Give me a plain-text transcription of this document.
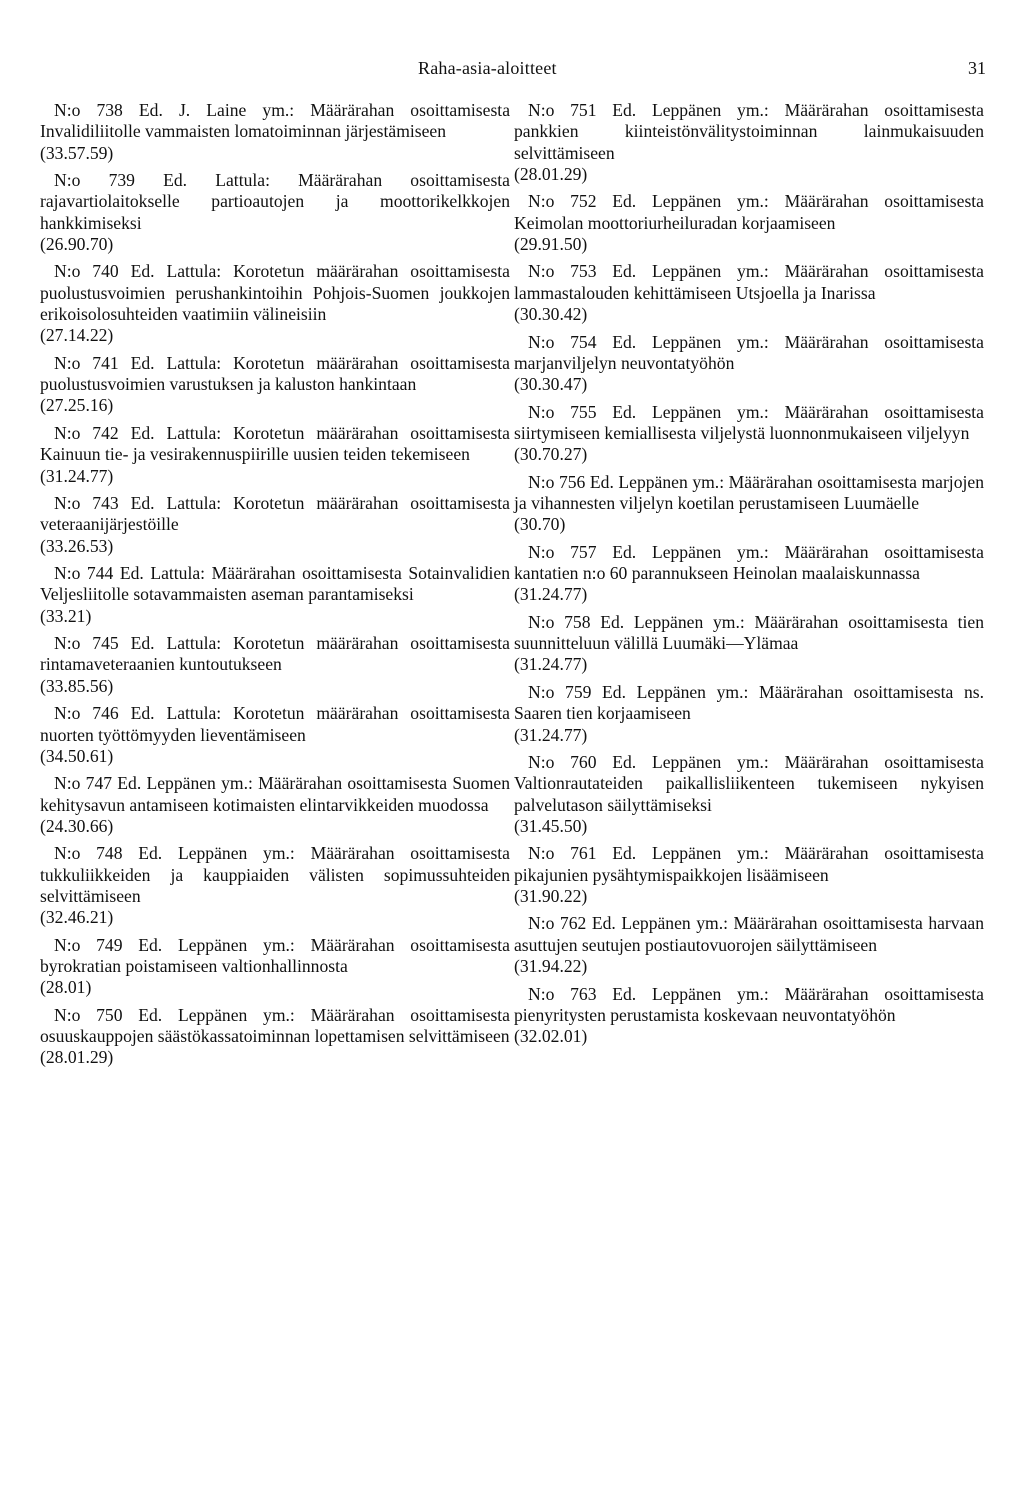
Raha-asia-aloitteet	31
N:o 738 Ed. J. Laine ym.: Määrärahan osoittamisesta Invalidiliitolle vammaisten lomatoiminnan järjestämiseen
(33.57.59)
N:o 739 Ed. Lattula: Määrärahan osoittamisesta rajavartiolaitokselle partioautojen ja moottorikelkkojen hankkimiseksi
(26.90.70)
N:o 740 Ed. Lattula: Korotetun määrärahan osoittamisesta puolustusvoimien perushankintoihin Pohjois-Suomen joukkojen erikoisolosuhteiden vaatimiin välineisiin
(27.14.22)
N:o 741 Ed. Lattula: Korotetun määrärahan osoittamisesta puolustusvoimien varustuksen ja kaluston hankintaan
(27.25.16)
N:o 742 Ed. Lattula: Korotetun määrärahan osoittamisesta Kainuun tie- ja vesirakennuspiirille uusien teiden tekemiseen
(31.24.77)
N:o 743 Ed. Lattula: Korotetun määrärahan osoittamisesta veteraanijärjestöille
(33.26.53)
N:o 744 Ed. Lattula: Määrärahan osoittamisesta Sotainvalidien Veljesliitolle sotavammaisten aseman parantamiseksi
(33.21)
N:o 745 Ed. Lattula: Korotetun määrärahan osoittamisesta rintamaveteraanien kuntoutukseen
(33.85.56)
N:o 746 Ed. Lattula: Korotetun määrärahan osoittamisesta nuorten työttömyyden lieventämiseen
(34.50.61)
N:o 747 Ed. Leppänen ym.: Määrärahan osoittamisesta Suomen kehitysavun antamiseen kotimaisten elintarvikkeiden muodossa
(24.30.66)
N:o 748 Ed. Leppänen ym.: Määrärahan osoittamisesta tukkuliikkeiden ja kauppiaiden välisten sopimussuhteiden selvittämiseen
(32.46.21)
N:o 749 Ed. Leppänen ym.: Määrärahan osoittamisesta byrokratian poistamiseen valtionhallinnosta
(28.01)
N:o 750 Ed. Leppänen ym.: Määrärahan osoittamisesta osuuskauppojen säästökassatoiminnan lopettamisen selvittämiseen
(28.01.29)
N:o 751 Ed. Leppänen ym.: Määrärahan osoittamisesta pankkien kiinteistönvälitystoiminnan lainmukaisuuden selvittämiseen
(28.01.29)
N:o 752 Ed. Leppänen ym.: Määrärahan osoittamisesta Keimolan moottoriurheiluradan korjaamiseen
(29.91.50)
N:o 753 Ed. Leppänen ym.: Määrärahan osoittamisesta lammastalouden kehittämiseen Utsjoella ja Inarissa
(30.30.42)
N:o 754 Ed. Leppänen ym.: Määrärahan osoittamisesta marjanviljelyn neuvontatyöhön
(30.30.47)
N:o 755 Ed. Leppänen ym.: Määrärahan osoittamisesta siirtymiseen kemiallisesta viljelystä luonnonmukaiseen viljelyyn
(30.70.27)
N:o 756 Ed. Leppänen ym.: Määrärahan osoittamisesta marjojen ja vihannesten viljelyn koetilan perustamiseen Luumäelle
(30.70)
N:o 757 Ed. Leppänen ym.: Määrärahan osoittamisesta kantatien n:o 60 parannukseen Heinolan maalaiskunnassa
(31.24.77)
N:o 758 Ed. Leppänen ym.: Määrärahan osoittamisesta tien suunnitteluun välillä Luumäki—Ylämaa
(31.24.77)
N:o 759 Ed. Leppänen ym.: Määrärahan osoittamisesta ns. Saaren tien korjaamiseen
(31.24.77)
N:o 760 Ed. Leppänen ym.: Määrärahan osoittamisesta Valtionrautateiden paikallisliikenteen tukemiseen nykyisen palvelutason säilyttämiseksi
(31.45.50)
N:o 761 Ed. Leppänen ym.: Määrärahan osoittamisesta pikajunien pysähtymispaikkojen lisäämiseen
(31.90.22)
N:o 762 Ed. Leppänen ym.: Määrärahan osoittamisesta harvaan asuttujen seutujen postiautovuorojen säilyttämiseen
(31.94.22)
N:o 763 Ed. Leppänen ym.: Määrärahan osoittamisesta pienyritysten perustamista koskevaan neuvontatyöhön
(32.02.01)
